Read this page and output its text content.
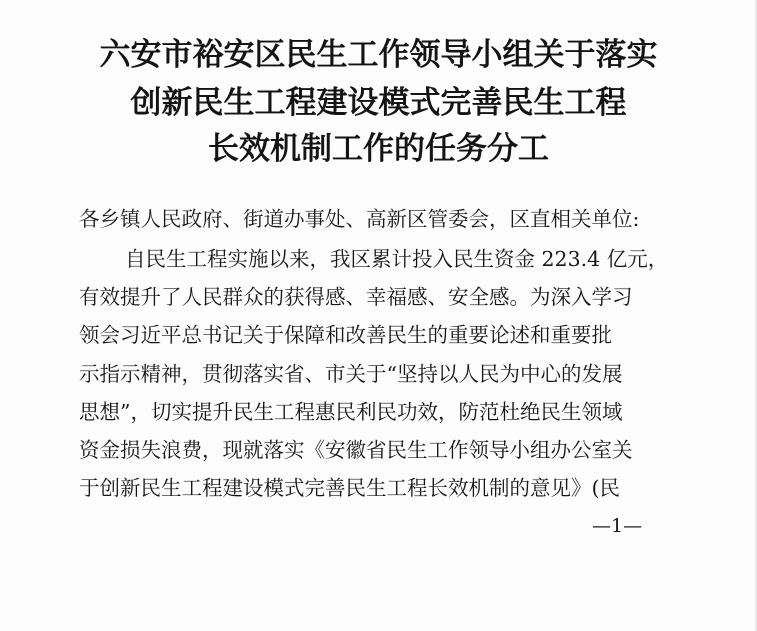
六安市裕安区民生工作领导小组关于落实
创新民生工程建设模式完善民生工程
长效机制工作的任务分工
各乡镇人民政府、街道办事处、高新区管委会，区直相关单位:
自民生工程实施以来，我区累计投入民生资金 223.4 亿元，
有效提升了人民群众的获得感、幸福感、安全感。为深入学习
领会习近平总书记关于保障和改善民生的重要论述和重要批
示指示精神，贯彻落实省、市关于“坚持以人民为中心的发展
思想”，切实提升民生工程惠民利民功效，防范杜绝民生领域
资金损失浪费，现就落实《安徽省民生工作领导小组办公室关
于创新民生工程建设模式完善民生工程长效机制的意见》(民
—1—
